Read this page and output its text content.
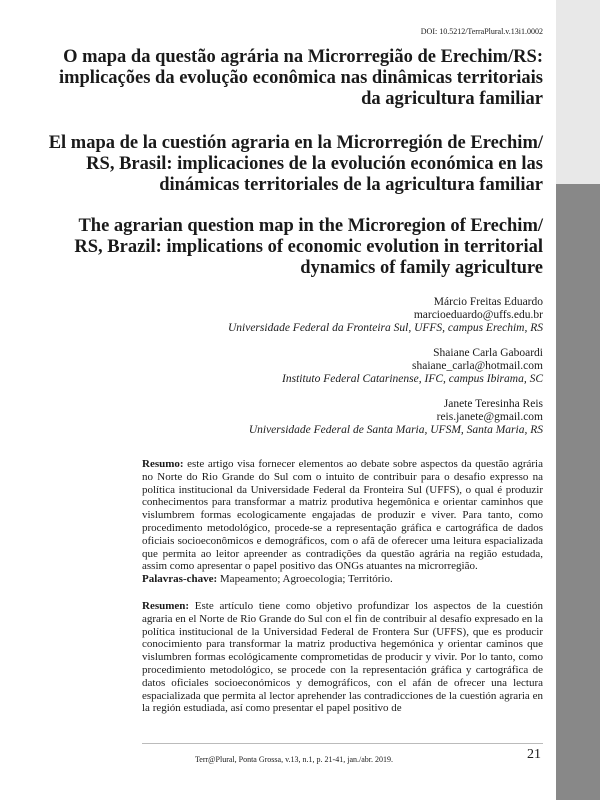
DOI: 10.5212/TerraPlural.v.13i1.0002
O mapa da questão agrária na Microrregião de Erechim/RS:
implicações da evolução econômica nas dinâmicas territoriais
da agricultura familiar
El mapa de la cuestión agraria en la Microrregión de Erechim/
RS, Brasil: implicaciones de la evolución económica en las
dinámicas territoriales de la agricultura familiar
The agrarian question map in the Microregion of Erechim/
RS, Brazil: implications of economic evolution in territorial
dynamics of family agriculture
Márcio Freitas Eduardo
marcioeduardo@uffs.edu.br
Universidade Federal da Fronteira Sul, UFFS, campus Erechim, RS
Shaiane Carla Gaboardi
shaiane_carla@hotmail.com
Instituto Federal Catarinense, IFC, campus Ibirama, SC
Janete Teresinha Reis
reis.janete@gmail.com
Universidade Federal de Santa Maria, UFSM, Santa Maria, RS

Resumo: este artigo visa fornecer elementos ao debate sobre aspectos da questão agrária no Norte do Rio Grande do Sul com o intuito de contribuir para o desafio expresso na política institucional da Universidade Federal da Fronteira Sul (UFFS), o qual é produzir conhecimentos para transformar a matriz produtiva hegemônica e orientar caminhos que vislumbrem formas ecologicamente engajadas de produzir e viver. Para tanto, como procedimento metodológico, procede-se a representação gráfica e cartográfica de dados oficiais socioeconômicos e demográficos, com o afã de oferecer uma leitura espacializada que permita ao leitor apreender as contradições da questão agrária na região estudada, assim como apresentar o papel positivo das ONGs atuantes na microrregião.

Palavras-chave: Mapeamento; Agroecologia; Território.

Resumen: Este artículo tiene como objetivo profundizar los aspectos de la cuestión agraria en el Norte de Rio Grande do Sul con el fin de contribuir al desafío expresado en la política institucional de la Universidad Federal de Frontera Sur (UFFS), que es producir conocimiento para transformar la matriz productiva hegemónica y orientar caminos que vislumbren formas ecológicamente comprometidas de producir y vivir. Por lo tanto, como procedimiento metodológico, se procede con la representación gráfica y cartográfica de datos oficiales socioeconómicos y demográficos, con el afán de ofrecer una lectura espacializada que permita al lector aprehender las contradicciones de la cuestión agraria en la región estudiada, así como presentar el papel positivo de

Terr@Plural, Ponta Grossa, v.13, n.1, p. 21-41, jan./abr. 2019.	21
